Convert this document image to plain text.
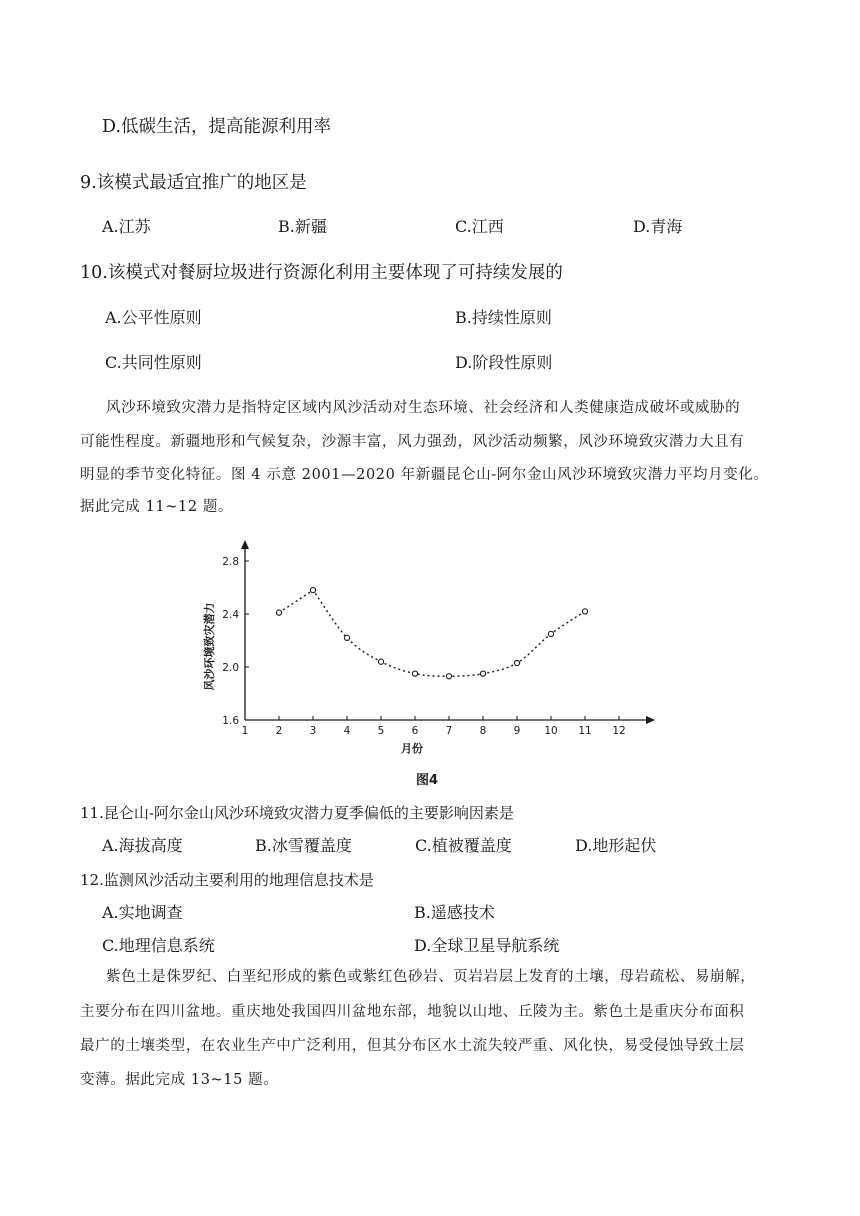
D.低碳生活，提高能源利用率
9.该模式最适宜推广的地区是
A.江苏	B.新疆	C.江西	D.青海
10.该模式对餐厨垃圾进行资源化利用主要体现了可持续发展的
A.公平性原则	B.持续性原则
C.共同性原则	D.阶段性原则
风沙环境致灾潜力是指特定区域内风沙活动对生态环境、社会经济和人类健康造成破坏或威胁的
可能性程度。新疆地形和气候复杂，沙源丰富，风力强劲，风沙活动频繁，风沙环境致灾潜力大且有
明显的季节变化特征。图 4 示意 2001—2020 年新疆昆仑山-阿尔金山风沙环境致灾潜力平均月变化。
据此完成 11~12 题。
1	2	3	4	5	6	7	8	9 10 11 12
1.6
2.0
2.4
2.8
风沙环境致灾潜力
月份
图4
11.昆仑山-阿尔金山风沙环境致灾潜力夏季偏低的主要影响因素是
A.海拔高度	B.冰雪覆盖度	C.植被覆盖度	D.地形起伏
12.监测风沙活动主要利用的地理信息技术是
A.实地调查	B.遥感技术
C.地理信息系统	D.全球卫星导航系统
紫色土是侏罗纪、白垩纪形成的紫色或紫红色砂岩、页岩岩层上发育的土壤，母岩疏松、易崩解，
主要分布在四川盆地。重庆地处我国四川盆地东部，地貌以山地、丘陵为主。紫色土是重庆分布面积
最广的土壤类型，在农业生产中广泛利用，但其分布区水土流失较严重、风化快，易受侵蚀导致土层
变薄。据此完成 13~15 题。
